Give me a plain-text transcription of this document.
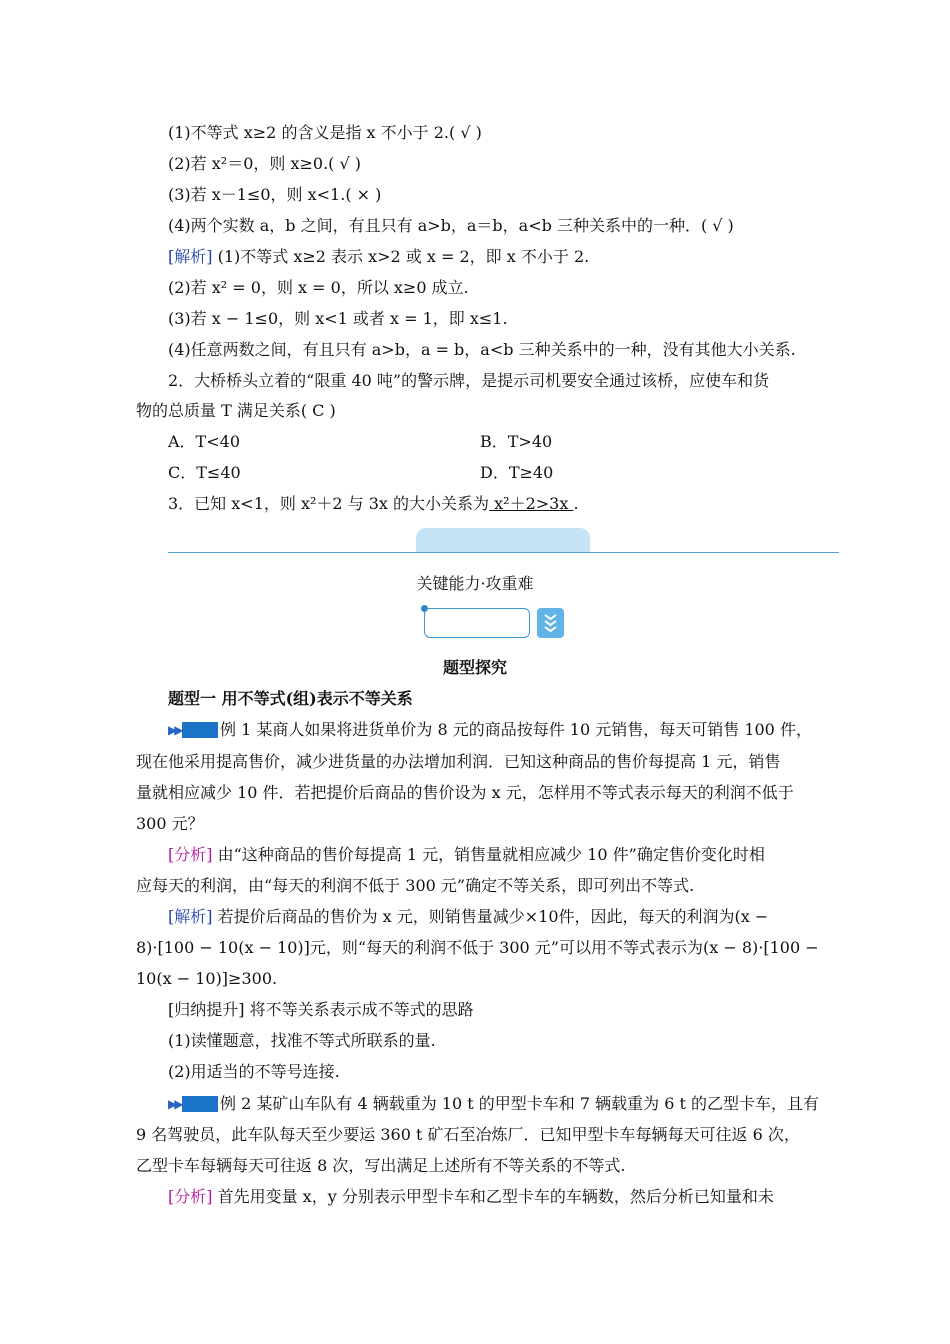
(1)不等式 x≥2 的含义是指 x 不小于 2.( √ )
(2)若 x²＝0，则 x≥0.( √ )
(3)若 x－1≤0，则 x<1.( × )
(4)两个实数 a，b 之间，有且只有 a>b，a＝b，a<b 三种关系中的一种．( √ )
[解析] (1)不等式 x≥2 表示 x>2 或 x = 2，即 x 不小于 2.
(2)若 x² = 0，则 x = 0，所以 x≥0 成立.
(3)若 x − 1≤0，则 x<1 或者 x = 1，即 x≤1.
(4)任意两数之间，有且只有 a>b，a = b，a<b 三种关系中的一种，没有其他大小关系.
2．大桥桥头立着的“限重 40 吨”的警示牌，是提示司机要安全通过该桥，应使车和货
物的总质量 T 满足关系( C )
A．T<40	B．T>40
C．T≤40	D．T≥40
3．已知 x<1，则 x²＋2 与 3x 的大小关系为 x²＋2>3x .
关键能力·攻重难
题型探究
题型一 用不等式(组)表示不等关系
▶▶ 例 1 某商人如果将进货单价为 8 元的商品按每件 10 元销售，每天可销售 100 件，
现在他采用提高售价，减少进货量的办法增加利润．已知这种商品的售价每提高 1 元，销售
量就相应减少 10 件．若把提价后商品的售价设为 x 元，怎样用不等式表示每天的利润不低于
300 元？
[分析] 由“这种商品的售价每提高 1 元，销售量就相应减少 10 件”确定售价变化时相
应每天的利润，由“每天的利润不低于 300 元”确定不等关系，即可列出不等式.
[解析] 若提价后商品的售价为 x 元，则销售量减少×10件，因此，每天的利润为(x −
8)·[100 − 10(x − 10)]元，则“每天的利润不低于 300 元”可以用不等式表示为(x − 8)·[100 −
10(x − 10)]≥300.
[归纳提升] 将不等关系表示成不等式的思路
(1)读懂题意，找准不等式所联系的量.
(2)用适当的不等号连接.
▶▶ 例 2 某矿山车队有 4 辆载重为 10 t 的甲型卡车和 7 辆载重为 6 t 的乙型卡车，且有
9 名驾驶员，此车队每天至少要运 360 t 矿石至冶炼厂．已知甲型卡车每辆每天可往返 6 次，
乙型卡车每辆每天可往返 8 次，写出满足上述所有不等关系的不等式.
[分析] 首先用变量 x，y 分别表示甲型卡车和乙型卡车的车辆数，然后分析已知量和未
